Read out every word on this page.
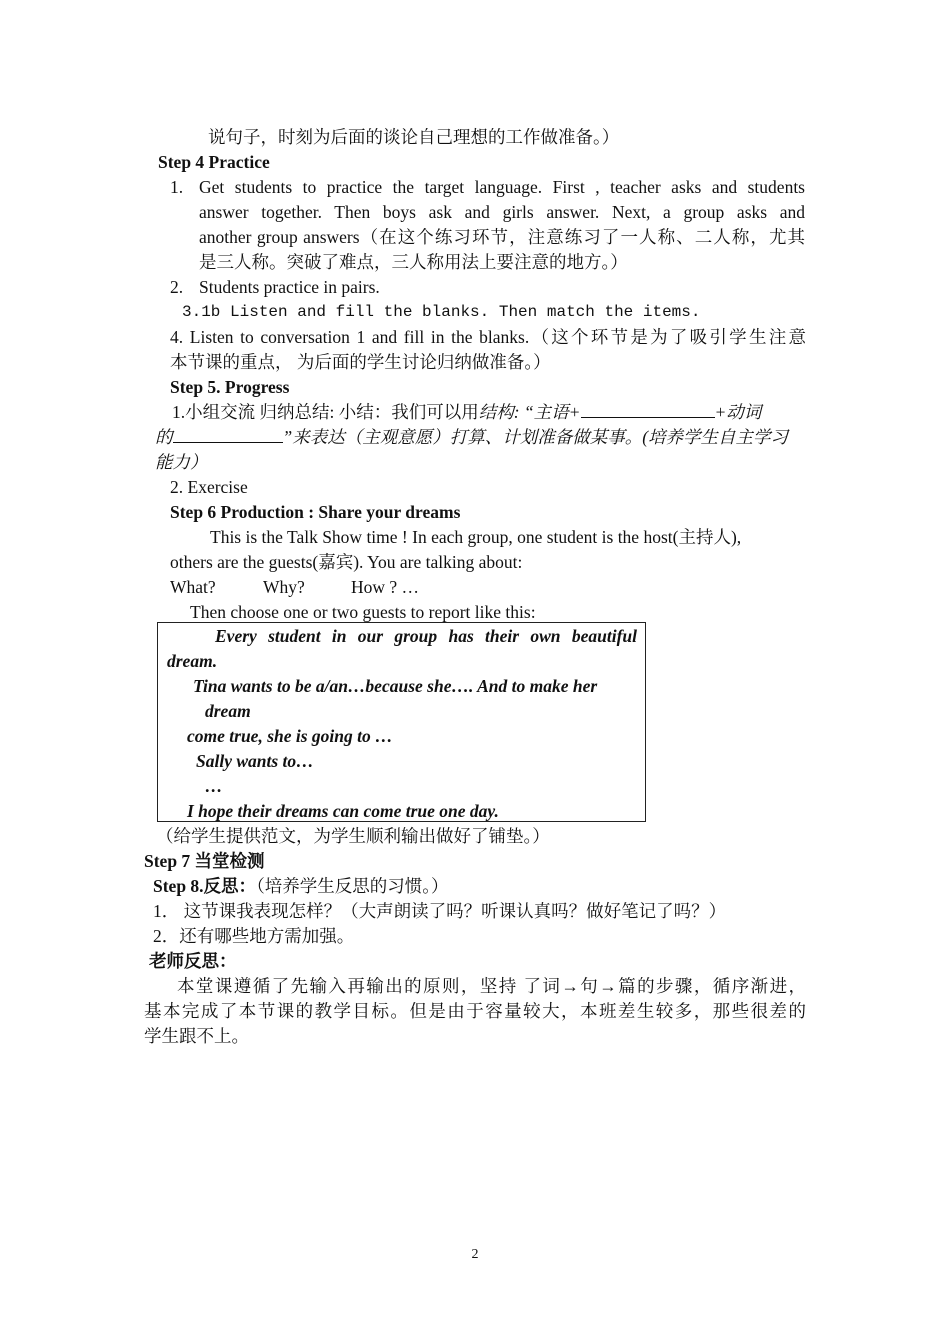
说句子，时刻为后面的谈论自己理想的工作做准备。）
Step 4 Practice
1. Get students to practice the target language. First , teacher asks and students
answer together. Then boys ask and girls answer. Next, a group asks and
another group answers（在这个练习环节，注意练习了一人称、二人称，尤其
是三人称。突破了难点，三人称用法上要注意的地方。）
2. Students practice in pairs.
3.1b Listen and fill the blanks. Then match the items.
4. Listen to conversation 1 and fill in the blanks.（这个环节是为了吸引学生注意
本节课的重点， 为后面的学生讨论归纳做准备。）
Step 5. Progress
1.小组交流 归纳总结: 小结：我们可以用结构: “主语+	+动词
的	”来表达（主观意愿）打算、计划准备做某事。(培养学生自主学习
能力）
2. Exercise
Step 6 Production : Share your dreams
This is the Talk Show time ! In each group, one student is the host(主持人),
others are the guests(嘉宾). You are talking about:
What?	Why?	How ? …
Then choose one or two guests to report like this:
Every student in our group has their own beautiful
dream.
Tina wants to be a/an…because she…. And to make her
dream
come true, she is going to …
Sally wants to…
…
I hope their dreams can come true one day.
（给学生提供范文，为学生顺利输出做好了铺垫。）
Step 7 当堂检测
Step 8.反思：（培养学生反思的习惯。）
1． 这节课我表现怎样？（大声朗读了吗？听课认真吗？做好笔记了吗？）
2．还有哪些地方需加强。
老师反思：
本堂课遵循了先输入再输出的原则，坚持 了词→句→篇的步骤，循序渐进，
基本完成了本节课的教学目标。但是由于容量较大，本班差生较多，那些很差的
学生跟不上。
2
